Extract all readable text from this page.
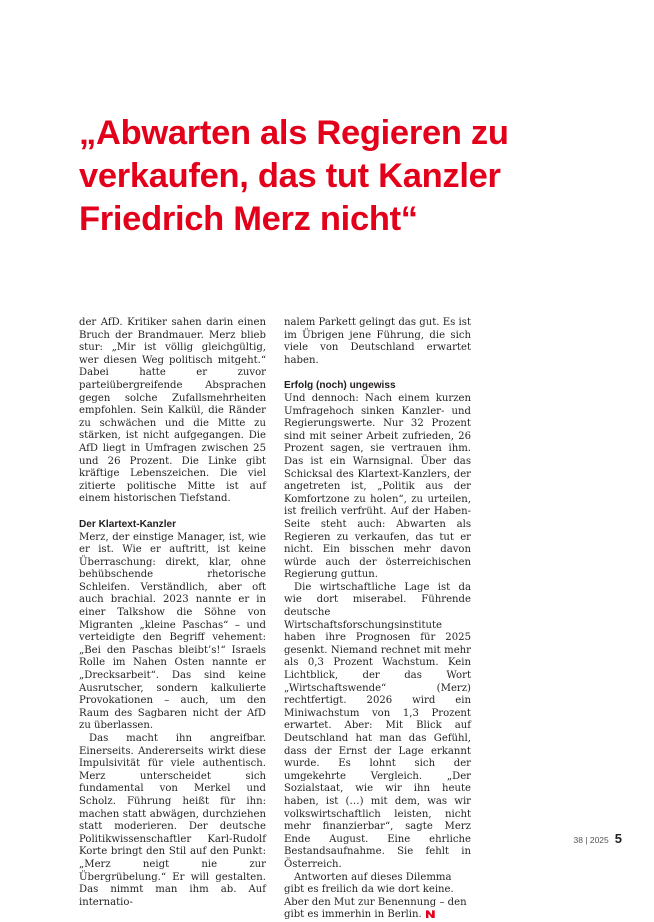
„Abwarten als Regieren zu verkaufen, das tut Kanzler Friedrich Merz nicht“

der AfD. Kritiker sahen darin einen Bruch der Brandmauer. Merz blieb stur: „Mir ist völlig gleichgültig, wer diesen Weg politisch mitgeht.“ Dabei hatte er zuvor parteiübergreifende Absprachen gegen solche Zufallsmehrheiten empfohlen. Sein Kalkül, die Ränder zu schwächen und die Mitte zu stärken, ist nicht aufgegangen. Die AfD liegt in Umfragen zwischen 25 und 26 Prozent. Die Linke gibt kräftige Lebenszeichen. Die viel zitierte politische Mitte ist auf einem historischen Tiefstand.

Der Klartext-Kanzler

Merz, der einstige Manager, ist, wie er ist. Wie er auftritt, ist keine Überraschung: direkt, klar, ohne behübschende rhetorische Schleifen. Verständlich, aber oft auch brachial. 2023 nannte er in einer Talkshow die Söhne von Migranten „kleine Paschas“ – und verteidigte den Begriff vehement: „Bei den Paschas bleibt’s!“ Israels Rolle im Nahen Osten nannte er „Drecksarbeit“. Das sind keine Ausrutscher, sondern kalkulierte Provokationen – auch, um den Raum des Sagbaren nicht der AfD zu überlassen.

Das macht ihn angreifbar. Einerseits. Andererseits wirkt diese Impulsivität für viele authentisch. Merz unterscheidet sich fundamental von Merkel und Scholz. Führung heißt für ihn: machen statt abwägen, durchziehen statt moderieren. Der deutsche Politikwissenschaftler Karl-Rudolf Korte bringt den Stil auf den Punkt: „Merz neigt nie zur Übergrübelung.“ Er will gestalten. Das nimmt man ihm ab. Auf internatio-

nalem Parkett gelingt das gut. Es ist im Übrigen jene Führung, die sich viele von Deutschland erwartet haben.

Erfolg (noch) ungewiss

Und dennoch: Nach einem kurzen Umfragehoch sinken Kanzler- und Regierungswerte. Nur 32 Prozent sind mit seiner Arbeit zufrieden, 26 Prozent sagen, sie vertrauen ihm. Das ist ein Warnsignal. Über das Schicksal des Klartext-Kanzlers, der angetreten ist, „Politik aus der Komfortzone zu holen“, zu urteilen, ist freilich verfrüht. Auf der Haben-Seite steht auch: Abwarten als Regieren zu verkaufen, das tut er nicht. Ein bisschen mehr davon würde auch der österreichischen Regierung guttun.

Die wirtschaftliche Lage ist da wie dort miserabel. Führende deutsche Wirtschaftsforschungsinstitute haben ihre Prognosen für 2025 gesenkt. Niemand rechnet mit mehr als 0,3 Prozent Wachstum. Kein Lichtblick, der das Wort „Wirtschaftswende“ (Merz) rechtfertigt. 2026 wird ein Miniwachstum von 1,3 Prozent erwartet. Aber: Mit Blick auf Deutschland hat man das Gefühl, dass der Ernst der Lage erkannt wurde. Es lohnt sich der umgekehrte Vergleich. „Der Sozialstaat, wie wir ihn heute haben, ist (…) mit dem, was wir volkswirtschaftlich leisten, nicht mehr finanzierbar“, sagte Merz Ende August. Eine ehrliche Bestandsaufnahme. Sie fehlt in Österreich.

Antworten auf dieses Dilemma gibt es freilich da wie dort keine. Aber den Mut zur Benennung – den gibt es immerhin in Berlin.

38 | 2025 5
